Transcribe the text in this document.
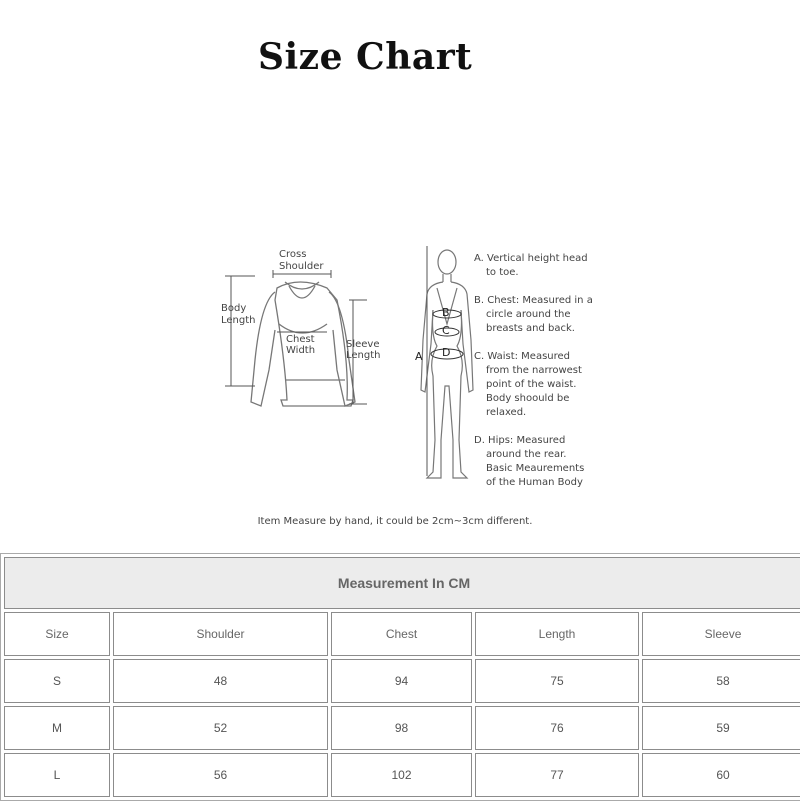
Size Chart
Cross
Shoulder
Body
Length
Chest
Width
Sleeve
Length	A
B
C
D

A. Vertical height head
to toe.

B. Chest: Measured in a
circle around the
breasts and back.

C. Waist: Measured
from the narrowest
point of the waist.
Body shoould be
relaxed.

D. Hips: Measured
around the rear.
Basic Meaurements
of the Human Body

Item Measure by hand, it could be 2cm~3cm different.
Measurement In CM				
Size	Shoulder	Chest	Length	Sleeve
S	48	94	75	58
M	52	98	76	59
L	56	102	77	60
